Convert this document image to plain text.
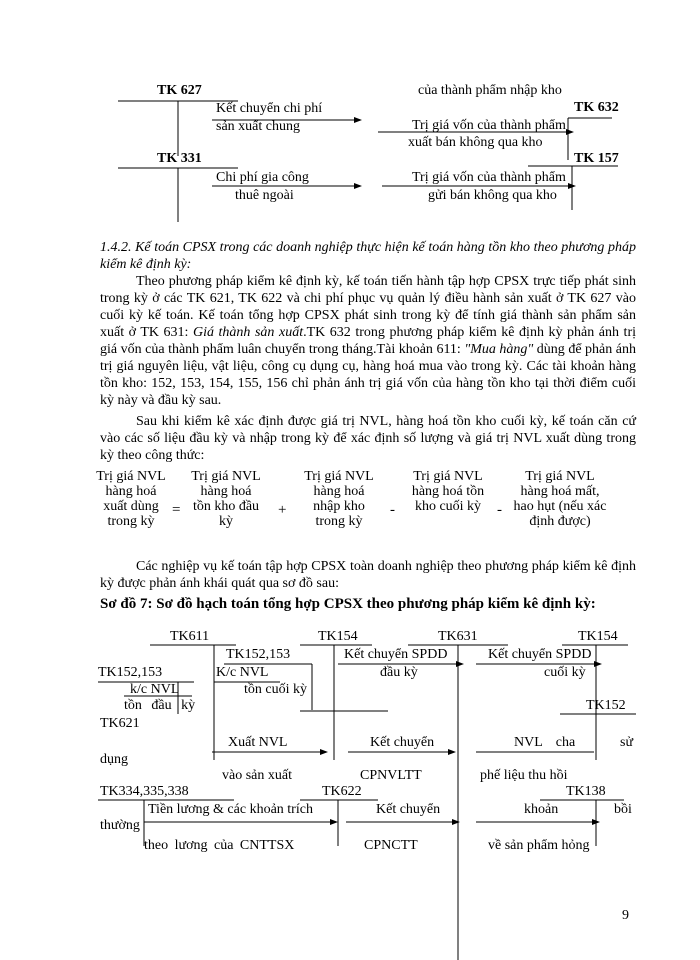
TK 627
Kết chuyển chi phí
sản xuất chung
TK 331
Chi phí gia công
thuê ngoài
của thành phẩm nhập kho
TK 632
Trị giá vốn của thành phẩm
xuất bán không qua kho
TK 157
Trị giá vốn của thành phẩm
gửi bán không qua kho
1.4.2. Kế toán CPSX trong các doanh nghiệp thực hiện kế toán hàng tồn kho theo phương pháp kiểm kê định kỳ:
Theo phương pháp kiểm kê định kỳ, kế toán tiến hành tập hợp CPSX trực tiếp phát sinh trong kỳ ở các TK 621, TK 622 và chi phí phục vụ quản lý điều hành sản xuất ở TK 627 vào cuối kỳ kế toán. Kế toán tổng hợp CPSX phát sinh trong kỳ để tính giá thành sản phẩm sản xuất ở TK 631: Giá thành sản xuất.TK 632 trong phương pháp kiểm kê định kỳ phản ánh trị giá vốn của thành phẩm luân chuyển trong tháng.Tài khoản 611: "Mua hàng" dùng để phản ánh trị giá nguyên liệu, vật liệu, công cụ dụng cụ, hàng hoá mua vào trong kỳ. Các tài khoản hàng tồn kho: 152, 153, 154, 155, 156 chỉ phản ánh trị giá vốn của hàng tồn kho tại thời điểm cuối kỳ này và đầu kỳ sau.
Sau khi kiểm kê xác định được giá trị NVL, hàng hoá tồn kho cuối kỳ, kế toán căn cứ vào các số liệu đầu kỳ và nhập trong kỳ để xác định số lượng và giá trị NVL xuất dùng trong kỳ theo công thức:
Trị giá NVL hàng hoá xuất dùng trong kỳ
=
Trị giá NVL hàng hoá tồn kho đầu kỳ
+
Trị giá NVL hàng hoá nhập kho trong kỳ
-
Trị giá NVL hàng hoá tồn kho cuối kỳ	-
Trị giá NVL hàng hoá mất, hao hụt (nếu xác định được)
Các nghiệp vụ kế toán tập hợp CPSX toàn doanh nghiệp theo phương pháp kiểm kê định kỳ được phản ánh khái quát qua sơ đồ sau:
Sơ đồ 7: Sơ đồ hạch toán tổng hợp CPSX theo phương pháp kiểm kê định kỳ:
TK611	TK154	TK631	TK154
TK152,153
TK152,153	K/c NVL
tồn cuối kỳ
k/c NVL
tồn đầu kỳ
Kết chuyển SPDD
đầu kỳ
Kết chuyển SPDD
cuối kỳ
TK621
TK152
Xuất NVL
dụng
vào sản xuất
Kết chuyển
CPNVLTT
NVL cha	sử
phế liệu thu hồi
TK334,335,338	TK622	TK138
Tiền lương & các khoản trích
thường
theo lương của CNTTSX
Kết chuyển
CPNCTT
khoản	bồi
về sản phẩm hỏng
9
